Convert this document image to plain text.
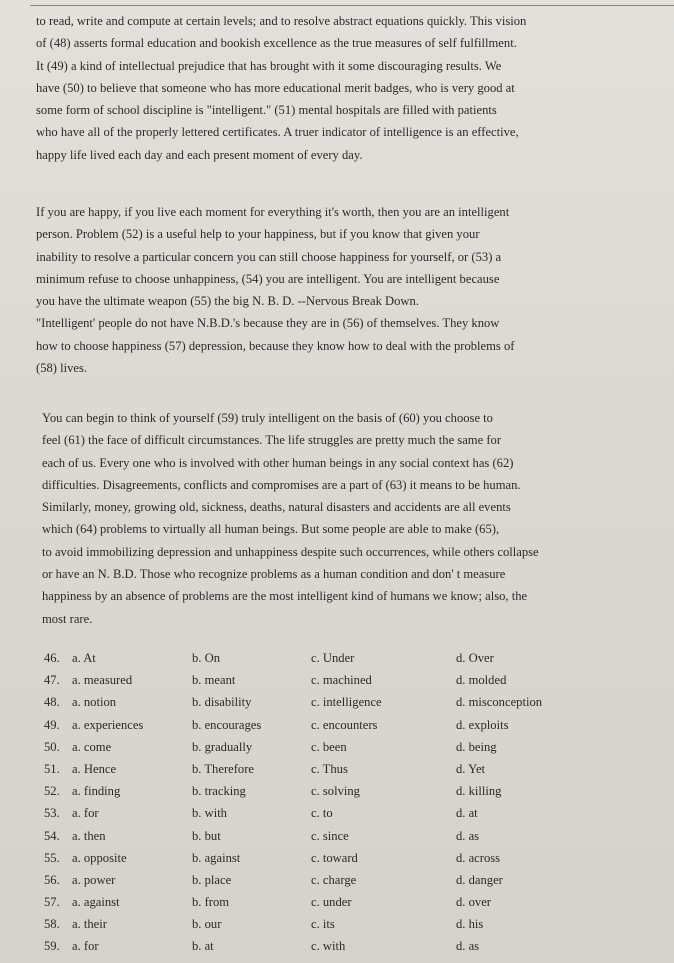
to read, write and compute at certain levels; and to resolve abstract equations quickly. This vision
of (48) asserts formal education and bookish excellence as the true measures of self fulfillment.
It (49) a kind of intellectual prejudice that has brought with it some discouraging results. We
have (50) to believe that someone who has more educational merit badges, who is very good at
some form of school discipline is "intelligent." (51) mental hospitals are filled with patients
who have all of the properly lettered certificates. A truer indicator of intelligence is an effective,
happy life lived each day and each present moment of every day.
If you are happy, if you live each moment for everything it's worth, then you are an intelligent
person. Problem (52) is a useful help to your happiness, but if you know that given your
inability to resolve a particular concern you can still choose happiness for yourself, or (53) a
minimum refuse to choose unhappiness, (54) you are intelligent. You are intelligent because
you have the ultimate weapon (55) the big N. B. D. --Nervous Break Down.
"Intelligent' people do not have N.B.D.'s because they are in (56) of themselves. They know
how to choose happiness (57) depression, because they know how to deal with the problems of
(58) lives.
You can begin to think of yourself (59) truly intelligent on the basis of (60) you choose to
feel (61) the face of difficult circumstances. The life struggles are pretty much the same for
each of us. Every one who is involved with other human beings in any social context has (62)
difficulties. Disagreements, conflicts and compromises are a part of (63) it means to be human.
Similarly, money, growing old, sickness, deaths, natural disasters and accidents are all events
which (64) problems to virtually all human beings. But some people are able to make (65),
to avoid immobilizing depression and unhappiness despite such occurrences, while others collapse
or have an N. B.D. Those who recognize problems as a human condition and don' t measure
happiness by an absence of problems are the most intelligent kind of humans we know; also, the
most rare.
46. a. At	b. On	c. Under	d. Over
47. a. measured	b. meant	c. machined	d. molded
48. a. notion	b. disability	c. intelligence	d. misconception
49. a. experiences	b. encourages	c. encounters	d. exploits
50. a. come	b. gradually	c. been	d. being
51. a. Hence	b. Therefore	c. Thus	d. Yet
52. a. finding	b. tracking	c. solving	d. killing
53. a. for	b. with	c. to	d. at
54. a. then	b. but	c. since	d. as
55. a. opposite	b. against	c. toward	d. across
56. a. power	b. place	c. charge	d. danger
57. a. against	b. from	c. under	d. over
58. a. their	b. our	c. its	d. his
59. a. for	b. at	c. with	d. as
